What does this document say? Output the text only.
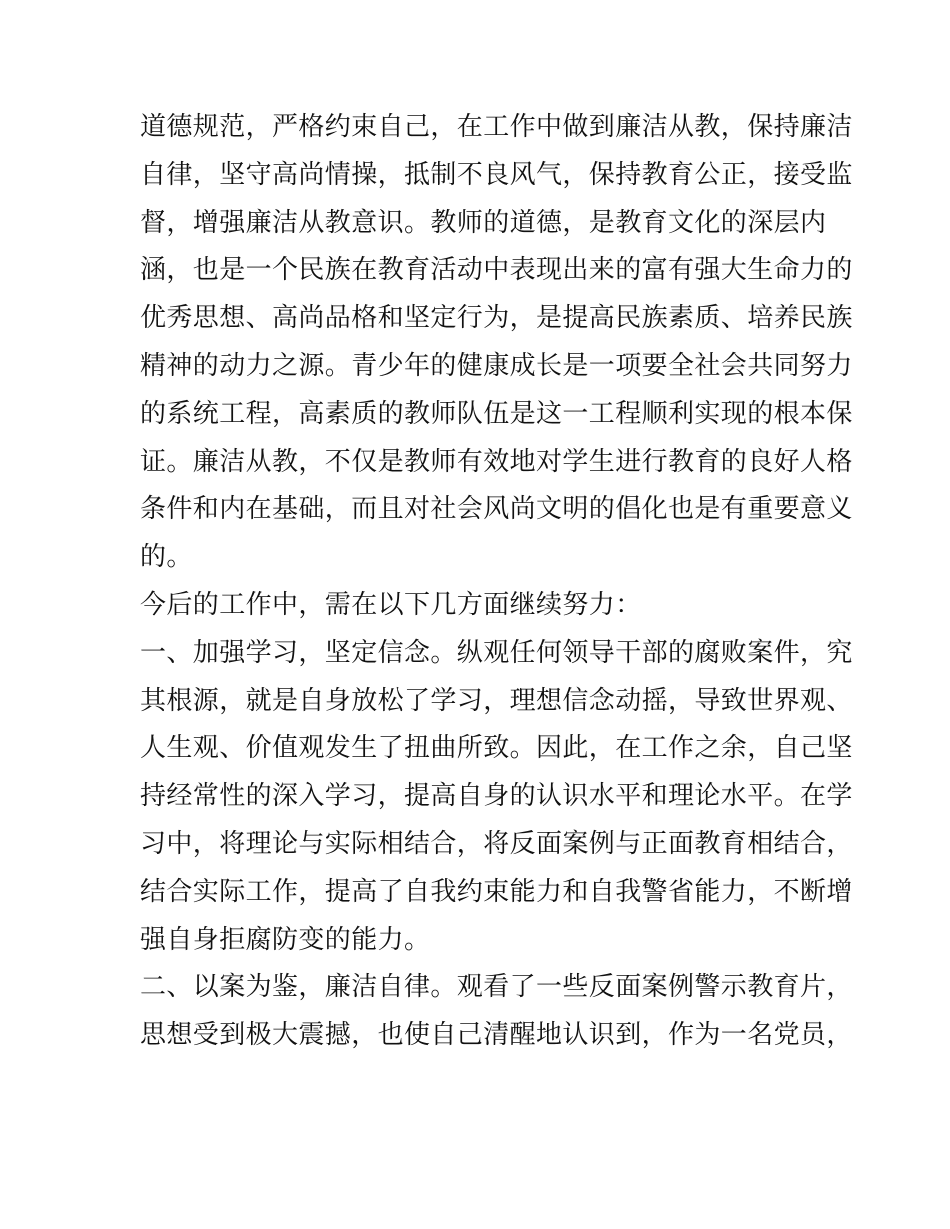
道德规范，严格约束自己，在工作中做到廉洁从教，保持廉洁
自律，坚守高尚情操，抵制不良风气，保持教育公正，接受监
督，增强廉洁从教意识。教师的道德，是教育文化的深层内
涵，也是一个民族在教育活动中表现出来的富有强大生命力的
优秀思想、高尚品格和坚定行为，是提高民族素质、培养民族
精神的动力之源。青少年的健康成长是一项要全社会共同努力
的系统工程，高素质的教师队伍是这一工程顺利实现的根本保
证。廉洁从教，不仅是教师有效地对学生进行教育的良好人格
条件和内在基础，而且对社会风尚文明的倡化也是有重要意义
的。
今后的工作中，需在以下几方面继续努力：
一、加强学习，坚定信念。纵观任何领导干部的腐败案件，究
其根源，就是自身放松了学习，理想信念动摇，导致世界观、
人生观、价值观发生了扭曲所致。因此，在工作之余，自己坚
持经常性的深入学习，提高自身的认识水平和理论水平。在学
习中，将理论与实际相结合，将反面案例与正面教育相结合，
结合实际工作，提高了自我约束能力和自我警省能力，不断增
强自身拒腐防变的能力。
二、以案为鉴，廉洁自律。观看了一些反面案例警示教育片，
思想受到极大震撼，也使自己清醒地认识到，作为一名党员，
